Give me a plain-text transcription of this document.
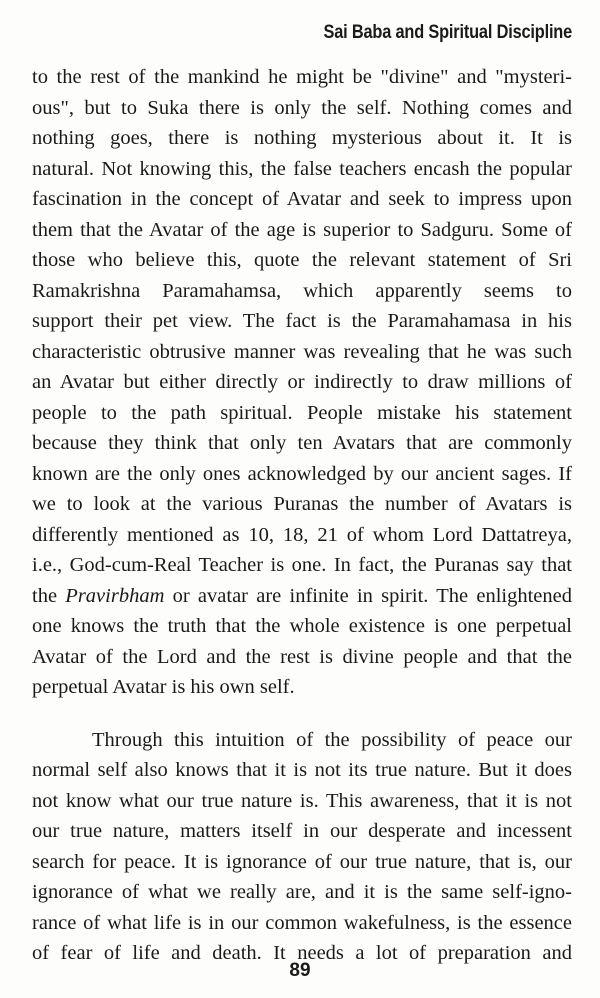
Sai Baba and Spiritual Discipline
to the rest of the mankind he might be "divine" and "mysteri-
ous", but to Suka there is only the self. Nothing comes and
nothing goes, there is nothing mysterious about it. It is
natural. Not knowing this, the false teachers encash the popular
fascination in the concept of Avatar and seek to impress upon
them that the Avatar of the age is superior to Sadguru. Some of
those who believe this, quote the relevant statement of Sri
Ramakrishna Paramahamsa, which apparently seems to
support their pet view. The fact is the Paramahamasa in his
characteristic obtrusive manner was revealing that he was such
an Avatar but either directly or indirectly to draw millions of
people to the path spiritual. People mistake his statement
because they think that only ten Avatars that are commonly
known are the only ones acknowledged by our ancient sages. If
we to look at the various Puranas the number of Avatars is
differently mentioned as 10, 18, 21 of whom Lord Dattatreya,
i.e., God-cum-Real Teacher is one. In fact, the Puranas say that
the Pravirbham or avatar are infinite in spirit. The enlightened
one knows the truth that the whole existence is one perpetual
Avatar of the Lord and the rest is divine people and that the
perpetual Avatar is his own self.
Through this intuition of the possibility of peace our
normal self also knows that it is not its true nature. But it does
not know what our true nature is. This awareness, that it is not
our true nature, matters itself in our desperate and incessent
search for peace. It is ignorance of our true nature, that is, our
ignorance of what we really are, and it is the same self-igno-
rance of what life is in our common wakefulness, is the essence
of fear of life and death. It needs a lot of preparation and
89
